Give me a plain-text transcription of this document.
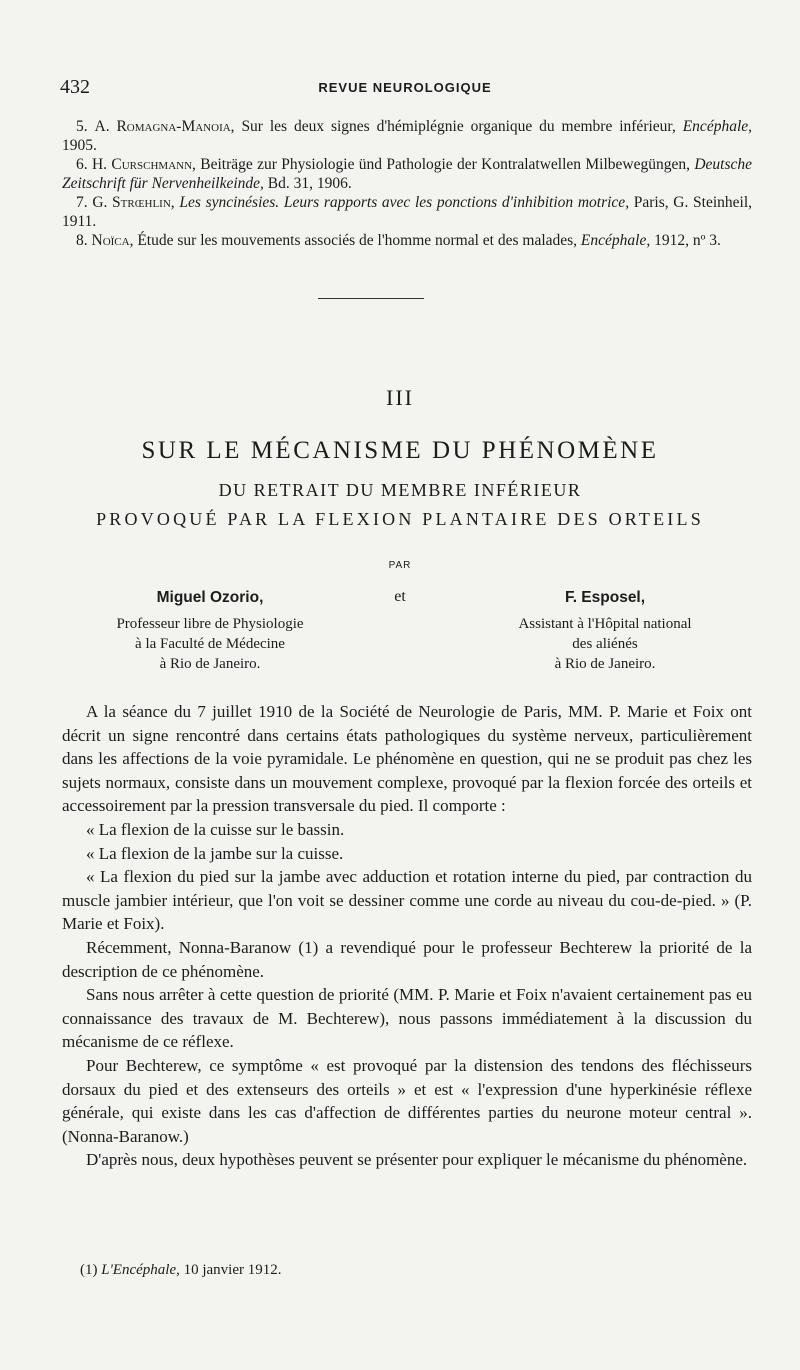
432	REVUE NEUROLOGIQUE

5. A. Romagna-Manoia, Sur les deux signes d'hémiplégnie organique du membre inférieur, Encéphale, 1905.

6. H. Curschmann, Beiträge zur Physiologie ünd Pathologie der Kontralatwellen Milbewegüngen, Deutsche Zeitschrift für Nervenheilkeinde, Bd. 31, 1906.

7. G. Strœhlin, Les syncinésies. Leurs rapports avec les ponctions d'inhibition motrice, Paris, G. Steinheil, 1911.

8. Noïca, Étude sur les mouvements associés de l'homme normal et des malades, Encéphale, 1912, nº 3.

III
SUR LE MÉCANISME DU PHÉNOMÈNE
DU RETRAIT DU MEMBRE INFÉRIEUR
PROVOQUÉ PAR LA FLEXION PLANTAIRE DES ORTEILS
PAR
Miguel Ozorio,
Professeur libre de Physiologie
à la Faculté de Médecine
à Rio de Janeiro.
et	F. Esposel,
Assistant à l'Hôpital national
des aliénés
à Rio de Janeiro.

A la séance du 7 juillet 1910 de la Société de Neurologie de Paris, MM. P. Marie et Foix ont décrit un signe rencontré dans certains états pathologiques du système nerveux, particulièrement dans les affections de la voie pyramidale. Le phénomène en question, qui ne se produit pas chez les sujets normaux, consiste dans un mouvement complexe, provoqué par la flexion forcée des orteils et accessoirement par la pression transversale du pied. Il comporte :

« La flexion de la cuisse sur le bassin.

« La flexion de la jambe sur la cuisse.

« La flexion du pied sur la jambe avec adduction et rotation interne du pied, par contraction du muscle jambier intérieur, que l'on voit se dessiner comme une corde au niveau du cou-de-pied. » (P. Marie et Foix).

Récemment, Nonna-Baranow (1) a revendiqué pour le professeur Bechterew la priorité de la description de ce phénomène.

Sans nous arrêter à cette question de priorité (MM. P. Marie et Foix n'avaient certainement pas eu connaissance des travaux de M. Bechterew), nous passons immédiatement à la discussion du mécanisme de ce réflexe.

Pour Bechterew, ce symptôme « est provoqué par la distension des tendons des fléchisseurs dorsaux du pied et des extenseurs des orteils » et est « l'expression d'une hyperkinésie réflexe générale, qui existe dans les cas d'affection de différentes parties du neurone moteur central ». (Nonna-Baranow.)

D'après nous, deux hypothèses peuvent se présenter pour expliquer le mécanisme du phénomène.

(1) L'Encéphale, 10 janvier 1912.
